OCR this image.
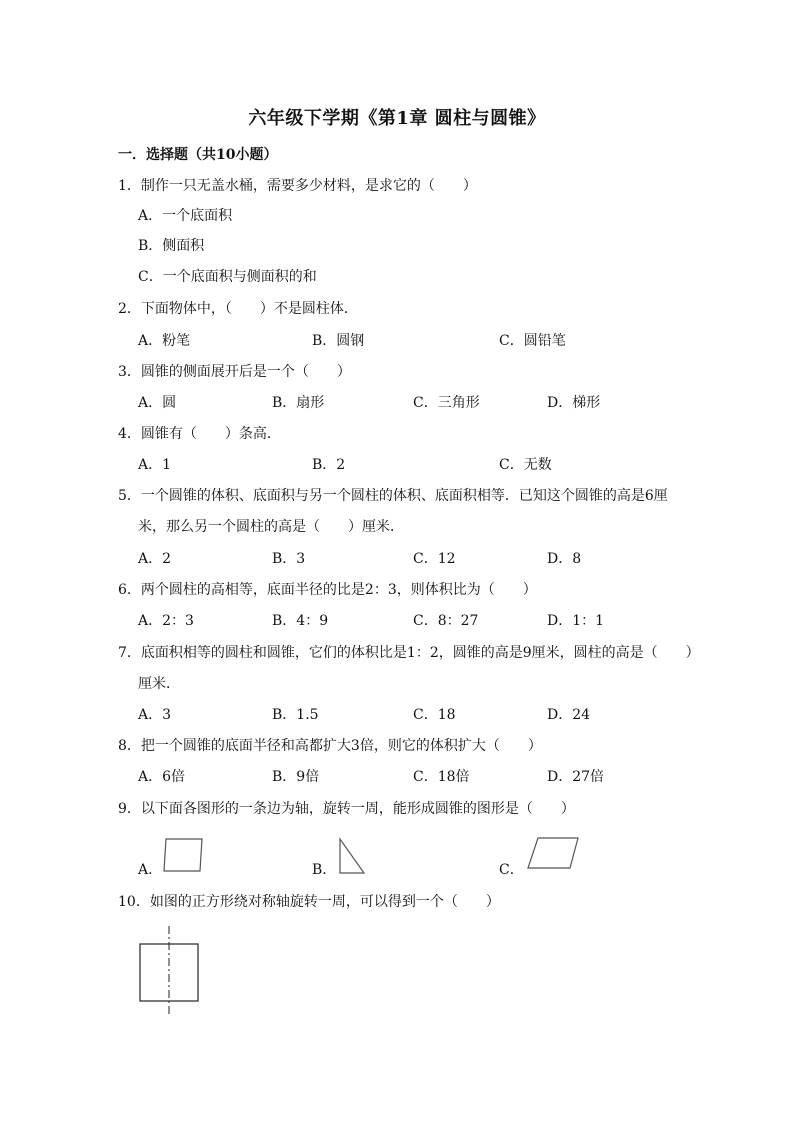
六年级下学期《第1章 圆柱与圆锥》
一．选择题（共10小题）
1．制作一只无盖水桶，需要多少材料，是求它的（　　）
A．一个底面积
B．侧面积
C．一个底面积与侧面积的和
2．下面物体中，（　　）不是圆柱体．
A．粉笔	B．圆钢	C．圆铅笔
3．圆锥的侧面展开后是一个（　　）
A．圆	B．扇形	C．三角形	D．梯形
4．圆锥有（　　）条高．
A．1	B．2	C．无数
5．一个圆锥的体积、底面积与另一个圆柱的体积、底面积相等．已知这个圆锥的高是6厘
米，那么另一个圆柱的高是（　　）厘米．
A．2	B．3	C．12	D．8
6．两个圆柱的高相等，底面半径的比是2：3，则体积比为（　　）
A．2：3	B．4：9	C．8：27	D．1：1
7．底面积相等的圆柱和圆锥，它们的体积比是1：2，圆锥的高是9厘米，圆柱的高是（　　）
厘米．
A．3	B．1.5	C．18	D．24
8．把一个圆锥的底面半径和高都扩大3倍，则它的体积扩大（　　）
A．6倍	B．9倍	C．18倍	D．27倍
9．以下面各图形的一条边为轴，旋转一周，能形成圆锥的图形是（　　）
A．	B．	C．
10．如图的正方形绕对称轴旋转一周，可以得到一个（　　）
